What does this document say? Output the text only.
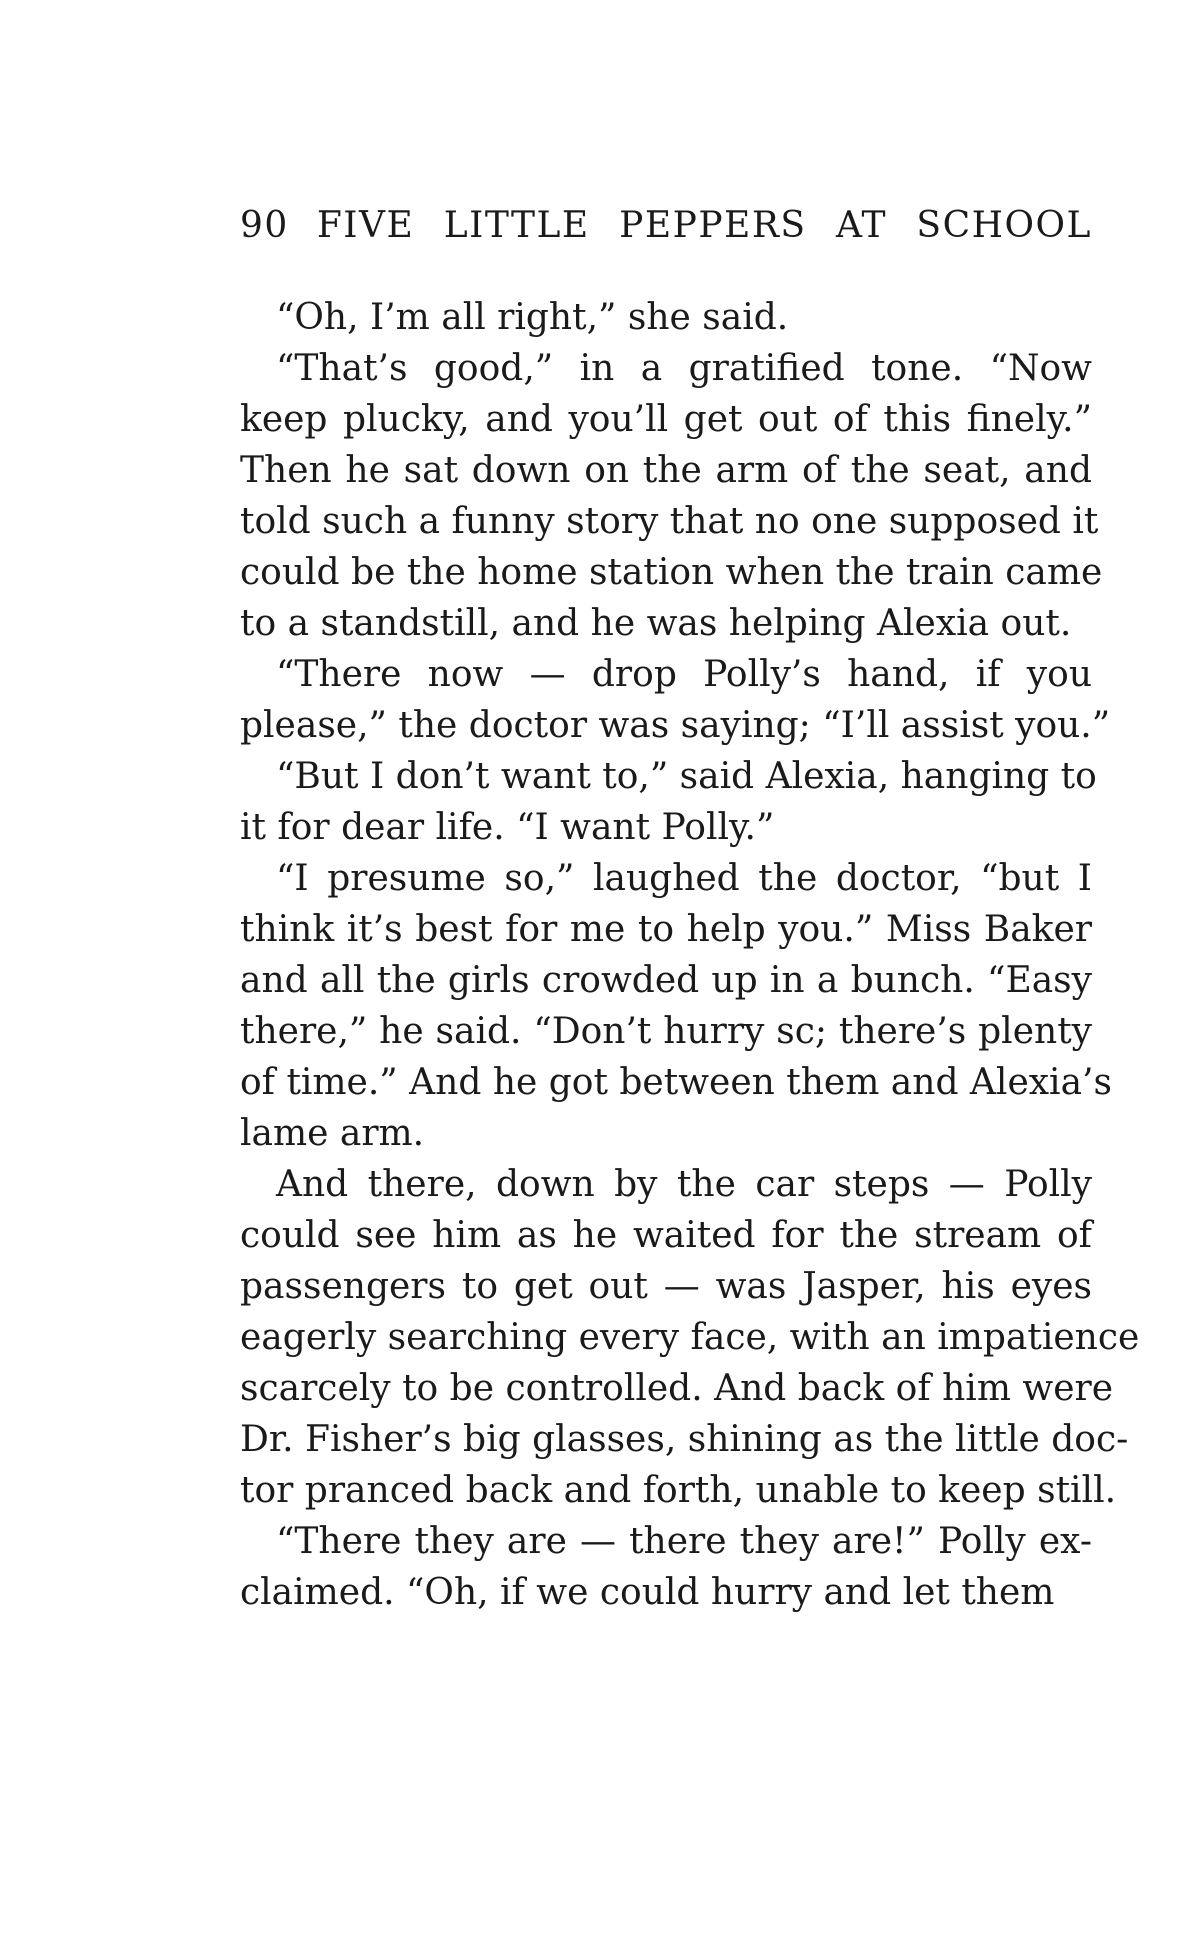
90 FIVE LITTLE PEPPERS AT SCHOOL
“Oh, I’m all right,” she said.
“That’s good,” in a gratified tone. “Now
keep plucky, and you’ll get out of this finely.”
Then he sat down on the arm of the seat, and
told such a funny story that no one supposed it
could be the home station when the train came
to a standstill, and he was helping Alexia out.
“There now — drop Polly’s hand, if you
please,” the doctor was saying; “I’ll assist you.”
“But I don’t want to,” said Alexia, hanging to
it for dear life. “I want Polly.”
“I presume so,” laughed the doctor, “but I
think it’s best for me to help you.” Miss Baker
and all the girls crowded up in a bunch. “Easy
there,” he said. “Don’t hurry sc; there’s plenty
of time.” And he got between them and Alexia’s
lame arm.
And there, down by the car steps — Polly
could see him as he waited for the stream of
passengers to get out — was Jasper, his eyes
eagerly searching every face, with an impatience
scarcely to be controlled. And back of him were
Dr. Fisher’s big glasses, shining as the little doc-
tor pranced back and forth, unable to keep still.
“There they are — there they are!” Polly ex-
claimed. “Oh, if we could hurry and let them
